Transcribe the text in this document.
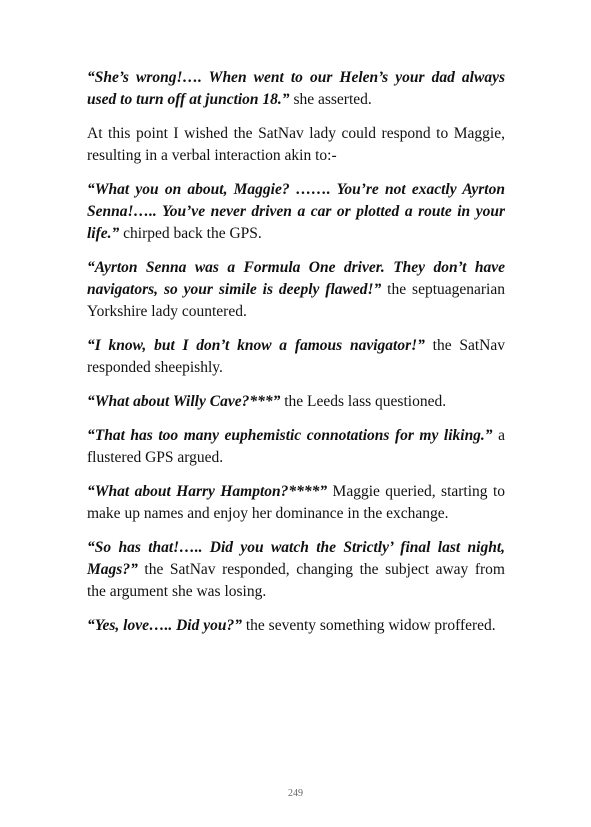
“She’s wrong!…. When went to our Helen’s your dad always used to turn off at junction 18.” she asserted.

At this point I wished the SatNav lady could respond to Maggie, resulting in a verbal interaction akin to:-

“What you on about, Maggie? ……. You’re not exactly Ayrton Senna!….. You’ve never driven a car or plotted a route in your life.” chirped back the GPS.

“Ayrton Senna was a Formula One driver. They don’t have navigators, so your simile is deeply flawed!” the septuagenarian Yorkshire lady countered.

“I know, but I don’t know a famous navigator!” the SatNav responded sheepishly.

“What about Willy Cave?***” the Leeds lass questioned.

“That has too many euphemistic connotations for my liking.” a flustered GPS argued.

“What about Harry Hampton?****” Maggie queried, starting to make up names and enjoy her dominance in the exchange.

“So has that!….. Did you watch the Strictly’ final last night, Mags?” the SatNav responded, changing the subject away from the argument she was losing.

“Yes, love….. Did you?” the seventy something widow proffered.

249
